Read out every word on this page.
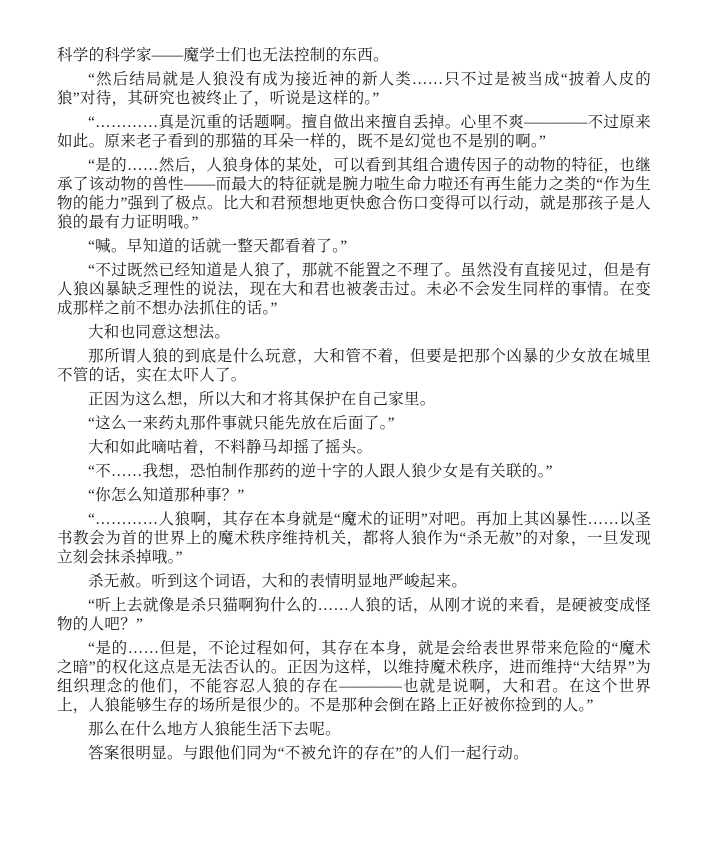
科学的科学家——魔学士们也无法控制的东西。

“然后结局就是人狼没有成为接近神的新人类……只不过是被当成“披着人皮的狼”对待，其研究也被终止了，听说是这样的。”

“…………真是沉重的话题啊。擅自做出来擅自丢掉。心里不爽————不过原来如此。原来老子看到的那猫的耳朵一样的，既不是幻觉也不是别的啊。”

“是的……然后，人狼身体的某处，可以看到其组合遗传因子的动物的特征，也继承了该动物的兽性——而最大的特征就是腕力啦生命力啦还有再生能力之类的“作为生物的能力”强到了极点。比大和君预想地更快愈合伤口变得可以行动，就是那孩子是人狼的最有力证明哦。”

“喊。早知道的话就一整天都看着了。”

“不过既然已经知道是人狼了，那就不能置之不理了。虽然没有直接见过，但是有人狼凶暴缺乏理性的说法，现在大和君也被袭击过。未必不会发生同样的事情。在变成那样之前不想办法抓住的话。”

大和也同意这想法。

那所谓人狼的到底是什么玩意，大和管不着，但要是把那个凶暴的少女放在城里不管的话，实在太吓人了。

正因为这么想，所以大和才将其保护在自己家里。

“这么一来药丸那件事就只能先放在后面了。”

大和如此嘀咕着，不料静马却摇了摇头。

“不……我想，恐怕制作那药的逆十字的人跟人狼少女是有关联的。”

“你怎么知道那种事？”

“…………人狼啊，其存在本身就是“魔术的证明”对吧。再加上其凶暴性……以圣书教会为首的世界上的魔术秩序维持机关，都将人狼作为“杀无赦”的对象，一旦发现立刻会抹杀掉哦。”

杀无赦。听到这个词语，大和的表情明显地严峻起来。

“听上去就像是杀只猫啊狗什么的……人狼的话，从刚才说的来看，是硬被变成怪物的人吧？”

“是的……但是，不论过程如何，其存在本身，就是会给表世界带来危险的“魔术之暗”的权化这点是无法否认的。正因为这样，以维持魔术秩序，进而维持“大结界”为组织理念的他们，不能容忍人狼的存在————也就是说啊，大和君。在这个世界上，人狼能够生存的场所是很少的。不是那种会倒在路上正好被你捡到的人。”

那么在什么地方人狼能生活下去呢。

答案很明显。与跟他们同为“不被允许的存在”的人们一起行动。
